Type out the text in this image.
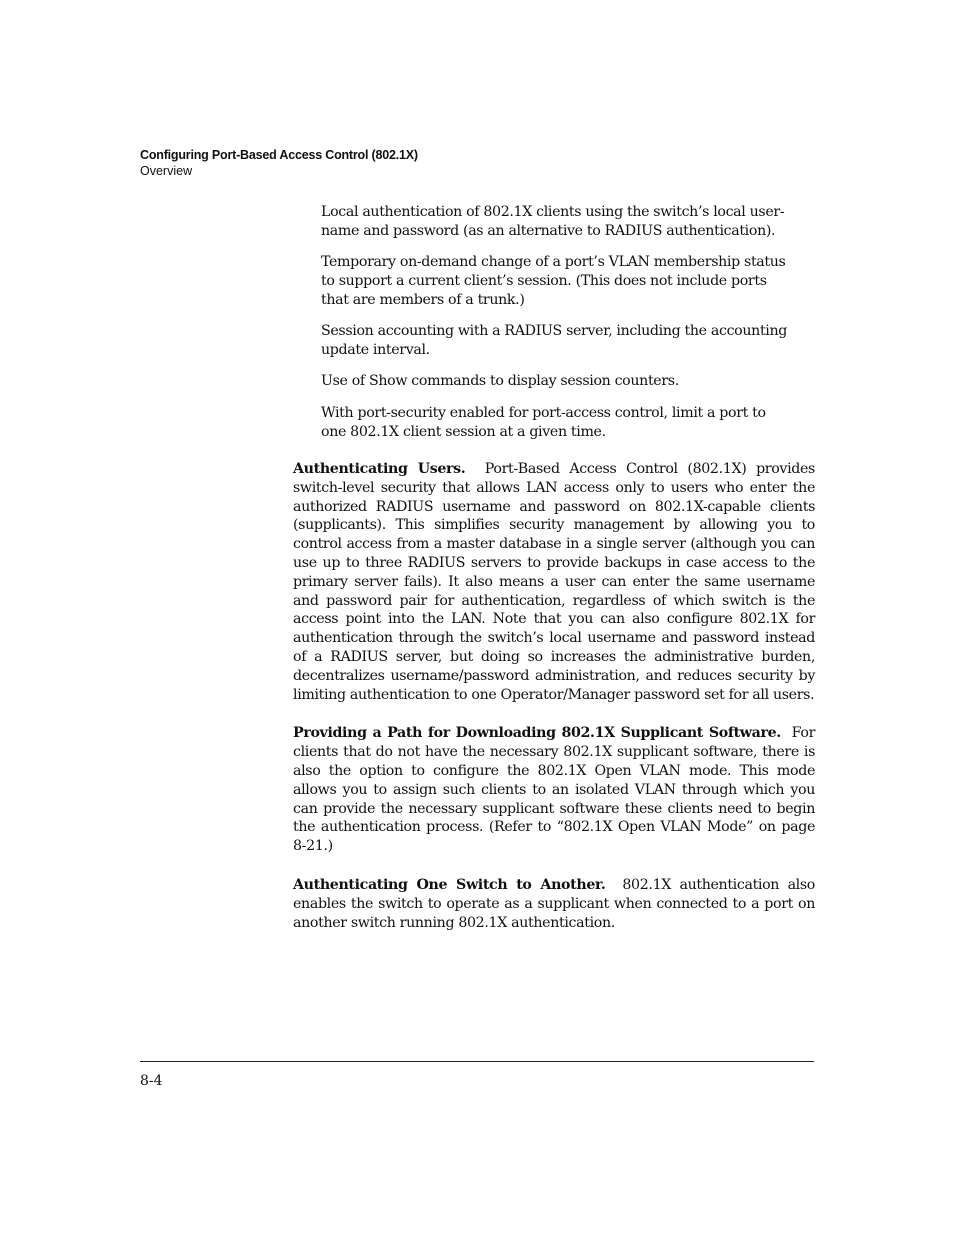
Configuring Port-Based Access Control (802.1X)
Overview

Local authentication of 802.1X clients using the switch’s local user-name and password (as an alternative to RADIUS authentication).

Temporary on-demand change of a port’s VLAN membership status to support a current client’s session. (This does not include ports that are members of a trunk.)

Session accounting with a RADIUS server, including the accounting update interval.

Use of Show commands to display session counters.

With port-security enabled for port-access control, limit a port to one 802.1X client session at a given time.

Authenticating Users. Port-Based Access Control (802.1X) provides switch-level security that allows LAN access only to users who enter the authorized RADIUS username and password on 802.1X-capable clients (supplicants). This simplifies security management by allowing you to control access from a master database in a single server (although you can use up to three RADIUS servers to provide backups in case access to the primary server fails). It also means a user can enter the same username and password pair for authentication, regardless of which switch is the access point into the LAN. Note that you can also configure 802.1X for authentication through the switch’s local username and password instead of a RADIUS server, but doing so increases the administrative burden, decentralizes username/password administration, and reduces security by limiting authentication to one Operator/Manager password set for all users.

Providing a Path for Downloading 802.1X Supplicant Software. For clients that do not have the necessary 802.1X supplicant software, there is also the option to configure the 802.1X Open VLAN mode. This mode allows you to assign such clients to an isolated VLAN through which you can provide the necessary supplicant software these clients need to begin the authentication process. (Refer to “802.1X Open VLAN Mode” on page 8-21.)

Authenticating One Switch to Another. 802.1X authentication also enables the switch to operate as a supplicant when connected to a port on another switch running 802.1X authentication.

8-4
